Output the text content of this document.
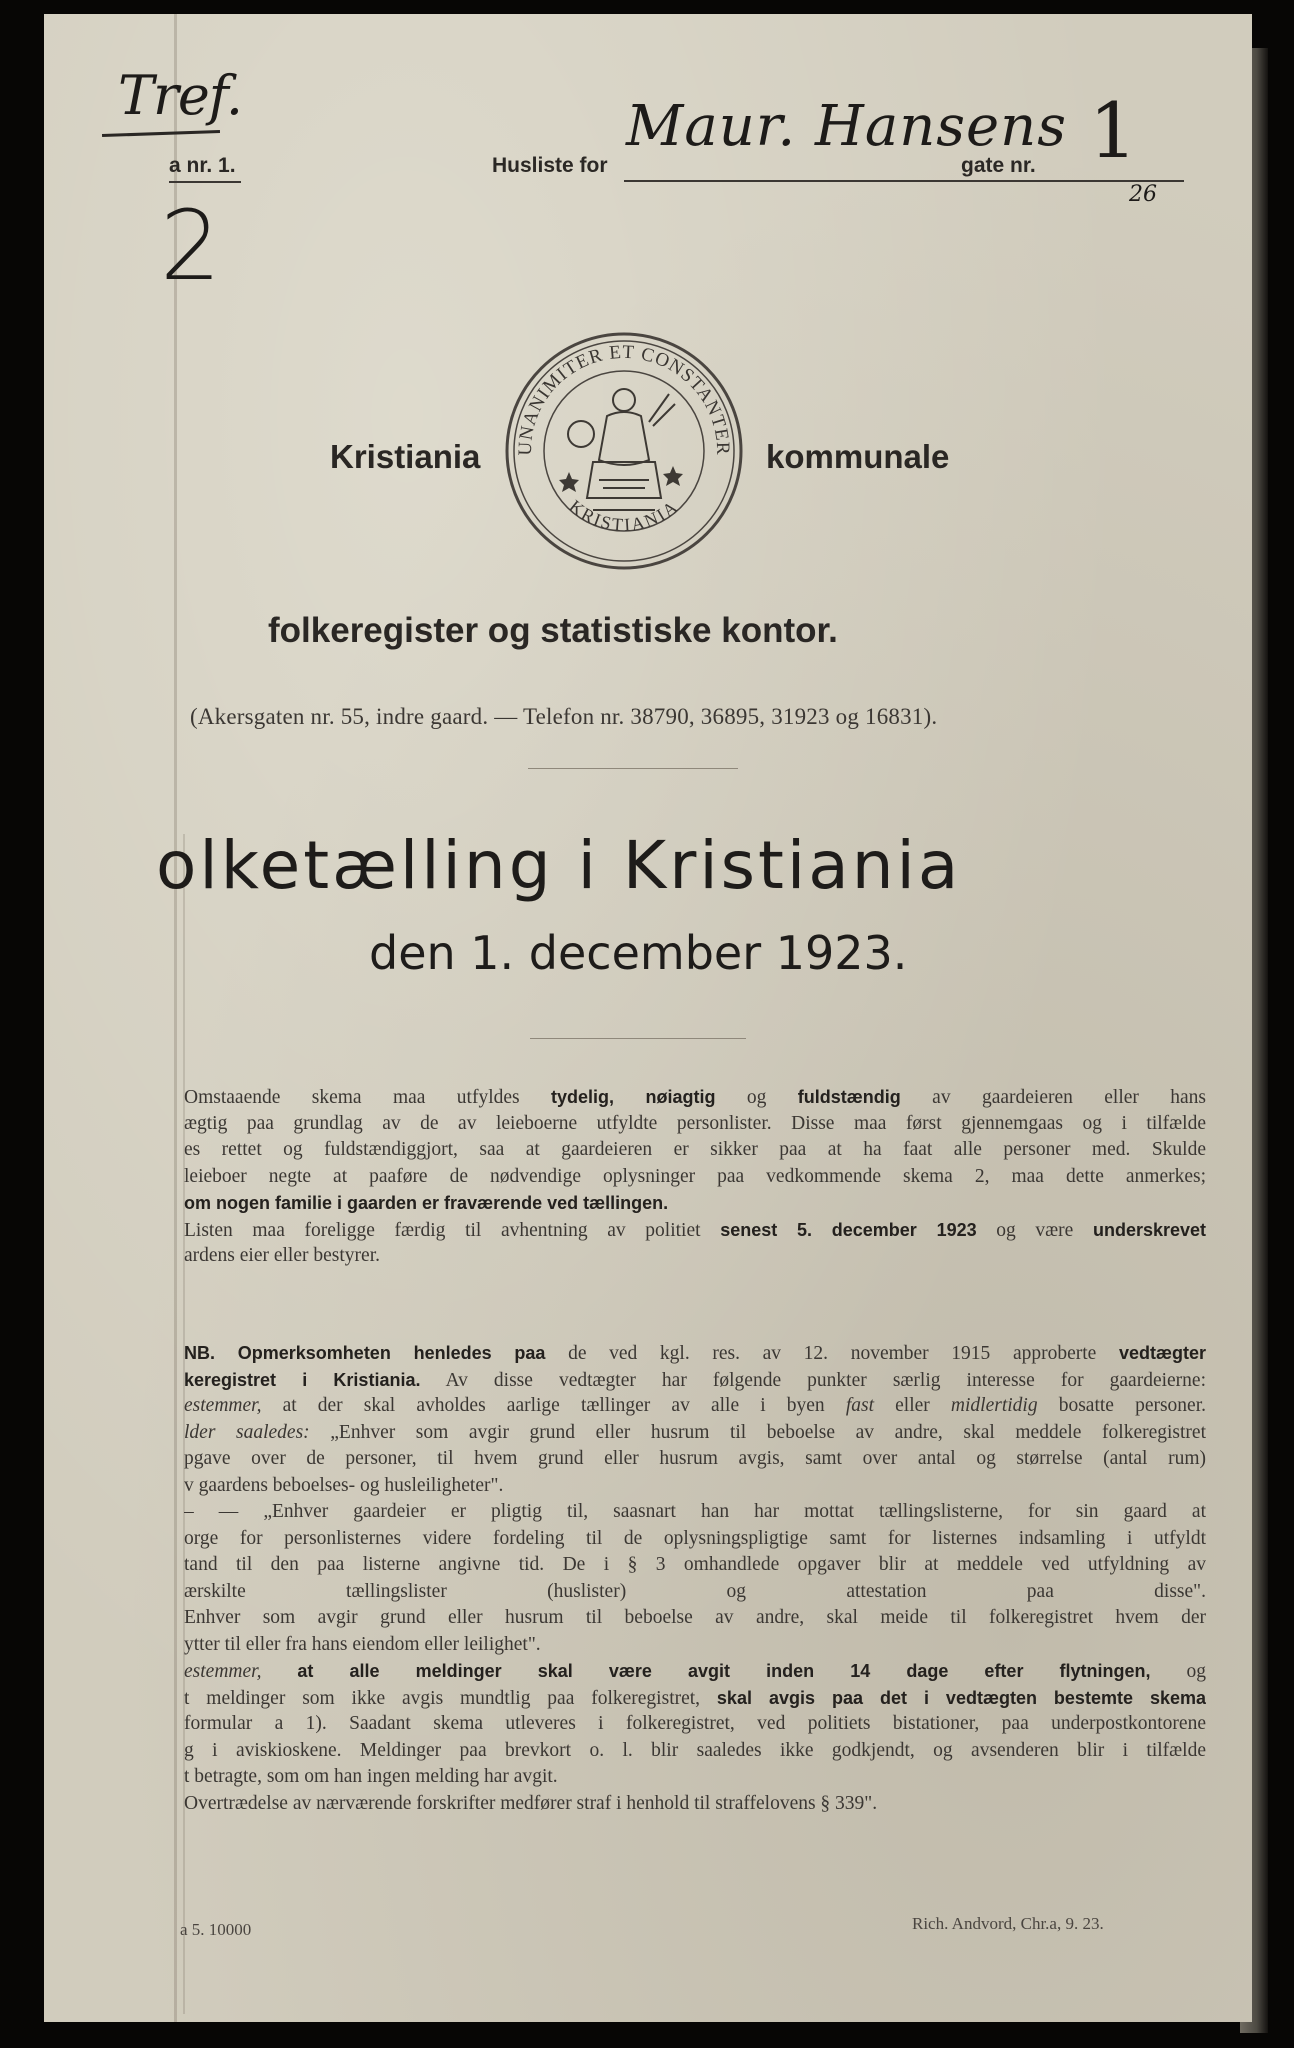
Tref.
a nr. 1.
2
Husliste for
Maur. Hansens
gate nr. 1
26
Kristiania	kommunale
UNANIMITER ET CONSTANTER
KRISTIANIA
folkeregister og statistiske kontor.
(Akersgaten nr. 55, indre gaard. — Telefon nr. 38790, 36895, 31923 og 16831).
olketælling i Kristiania
den 1. december 1923.
Omstaaende skema maa utfyldes tydelig, nøiagtig og fuldstændig av gaardeieren eller hans
ægtig paa grundlag av de av leieboerne utfyldte personlister. Disse maa først gjennemgaas og i tilfælde
es rettet og fuldstændiggjort, saa at gaardeieren er sikker paa at ha faat alle personer med. Skulde
leieboer negte at paaføre de nødvendige oplysninger paa vedkommende skema 2, maa dette anmerkes;
om nogen familie i gaarden er fraværende ved tællingen.
Listen maa foreligge færdig til avhentning av politiet senest 5. december 1923 og være underskrevet
ardens eier eller bestyrer.
NB. Opmerksomheten henledes paa de ved kgl. res. av 12. november 1915 approberte vedtægter
keregistret i Kristiania. Av disse vedtægter har følgende punkter særlig interesse for gaardeierne:
estemmer, at der skal avholdes aarlige tællinger av alle i byen fast eller midlertidig bosatte personer.
lder saaledes: „Enhver som avgir grund eller husrum til beboelse av andre, skal meddele folkeregistret
pgave over de personer, til hvem grund eller husrum avgis, samt over antal og størrelse (antal rum)
v gaardens beboelses- og husleiligheter".
– — „Enhver gaardeier er pligtig til, saasnart han har mottat tællingslisterne, for sin gaard at
orge for personlisternes videre fordeling til de oplysningspligtige samt for listernes indsamling i utfyldt
tand til den paa listerne angivne tid. De i § 3 omhandlede opgaver blir at meddele ved utfyldning av
ærskilte tællingslister (huslister) og attestation paa disse".
Enhver som avgir grund eller husrum til beboelse av andre, skal meide til folkeregistret hvem der
ytter til eller fra hans eiendom eller leilighet".
estemmer, at alle meldinger skal være avgit inden 14 dage efter flytningen, og
t meldinger som ikke avgis mundtlig paa folkeregistret, skal avgis paa det i vedtægten bestemte skema
formular a 1). Saadant skema utleveres i folkeregistret, ved politiets bistationer, paa underpostkontorene
g i aviskioskene. Meldinger paa brevkort o. l. blir saaledes ikke godkjendt, og avsenderen blir i tilfælde
t betragte, som om han ingen melding har avgit.
Overtrædelse av nærværende forskrifter medfører straf i henhold til straffelovens § 339".
a 5. 10000	Rich. Andvord, Chr.a, 9. 23.
